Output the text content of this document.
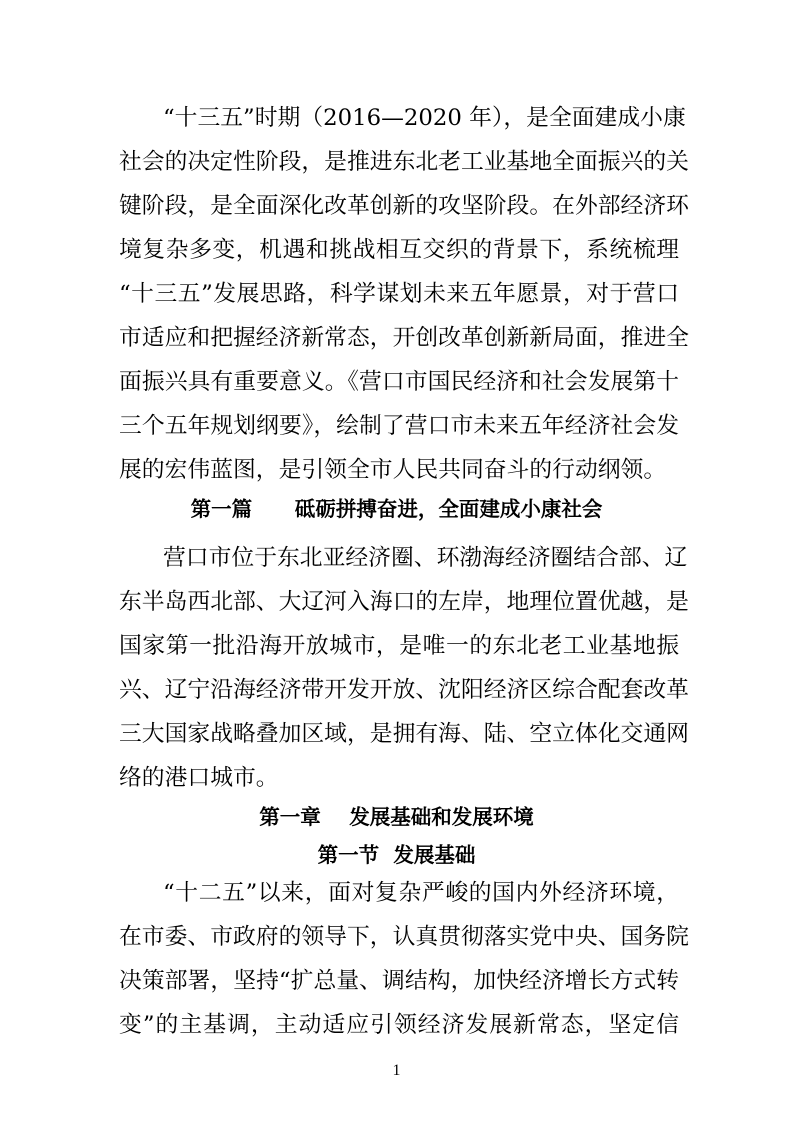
“十三五”时期（2016—2020 年），是全面建成小康
社会的决定性阶段，是推进东北老工业基地全面振兴的关
键阶段，是全面深化改革创新的攻坚阶段。在外部经济环
境复杂多变，机遇和挑战相互交织的背景下，系统梳理
“十三五”发展思路，科学谋划未来五年愿景，对于营口
市适应和把握经济新常态，开创改革创新新局面，推进全
面振兴具有重要意义。《营口市国民经济和社会发展第十
三个五年规划纲要》，绘制了营口市未来五年经济社会发
展的宏伟蓝图，是引领全市人民共同奋斗的行动纲领。
第一篇      砥砺拼搏奋进，全面建成小康社会
营口市位于东北亚经济圈、环渤海经济圈结合部、辽
东半岛西北部、大辽河入海口的左岸，地理位置优越，是
国家第一批沿海开放城市，是唯一的东北老工业基地振
兴、辽宁沿海经济带开发开放、沈阳经济区综合配套改革
三大国家战略叠加区域，是拥有海、陆、空立体化交通网
络的港口城市。
第一章    发展基础和发展环境
第一节  发展基础
“十二五”以来，面对复杂严峻的国内外经济环境，
在市委、市政府的领导下，认真贯彻落实党中央、国务院
决策部署，坚持“扩总量、调结构，加快经济增长方式转
变”的主基调，主动适应引领经济发展新常态，坚定信
1
